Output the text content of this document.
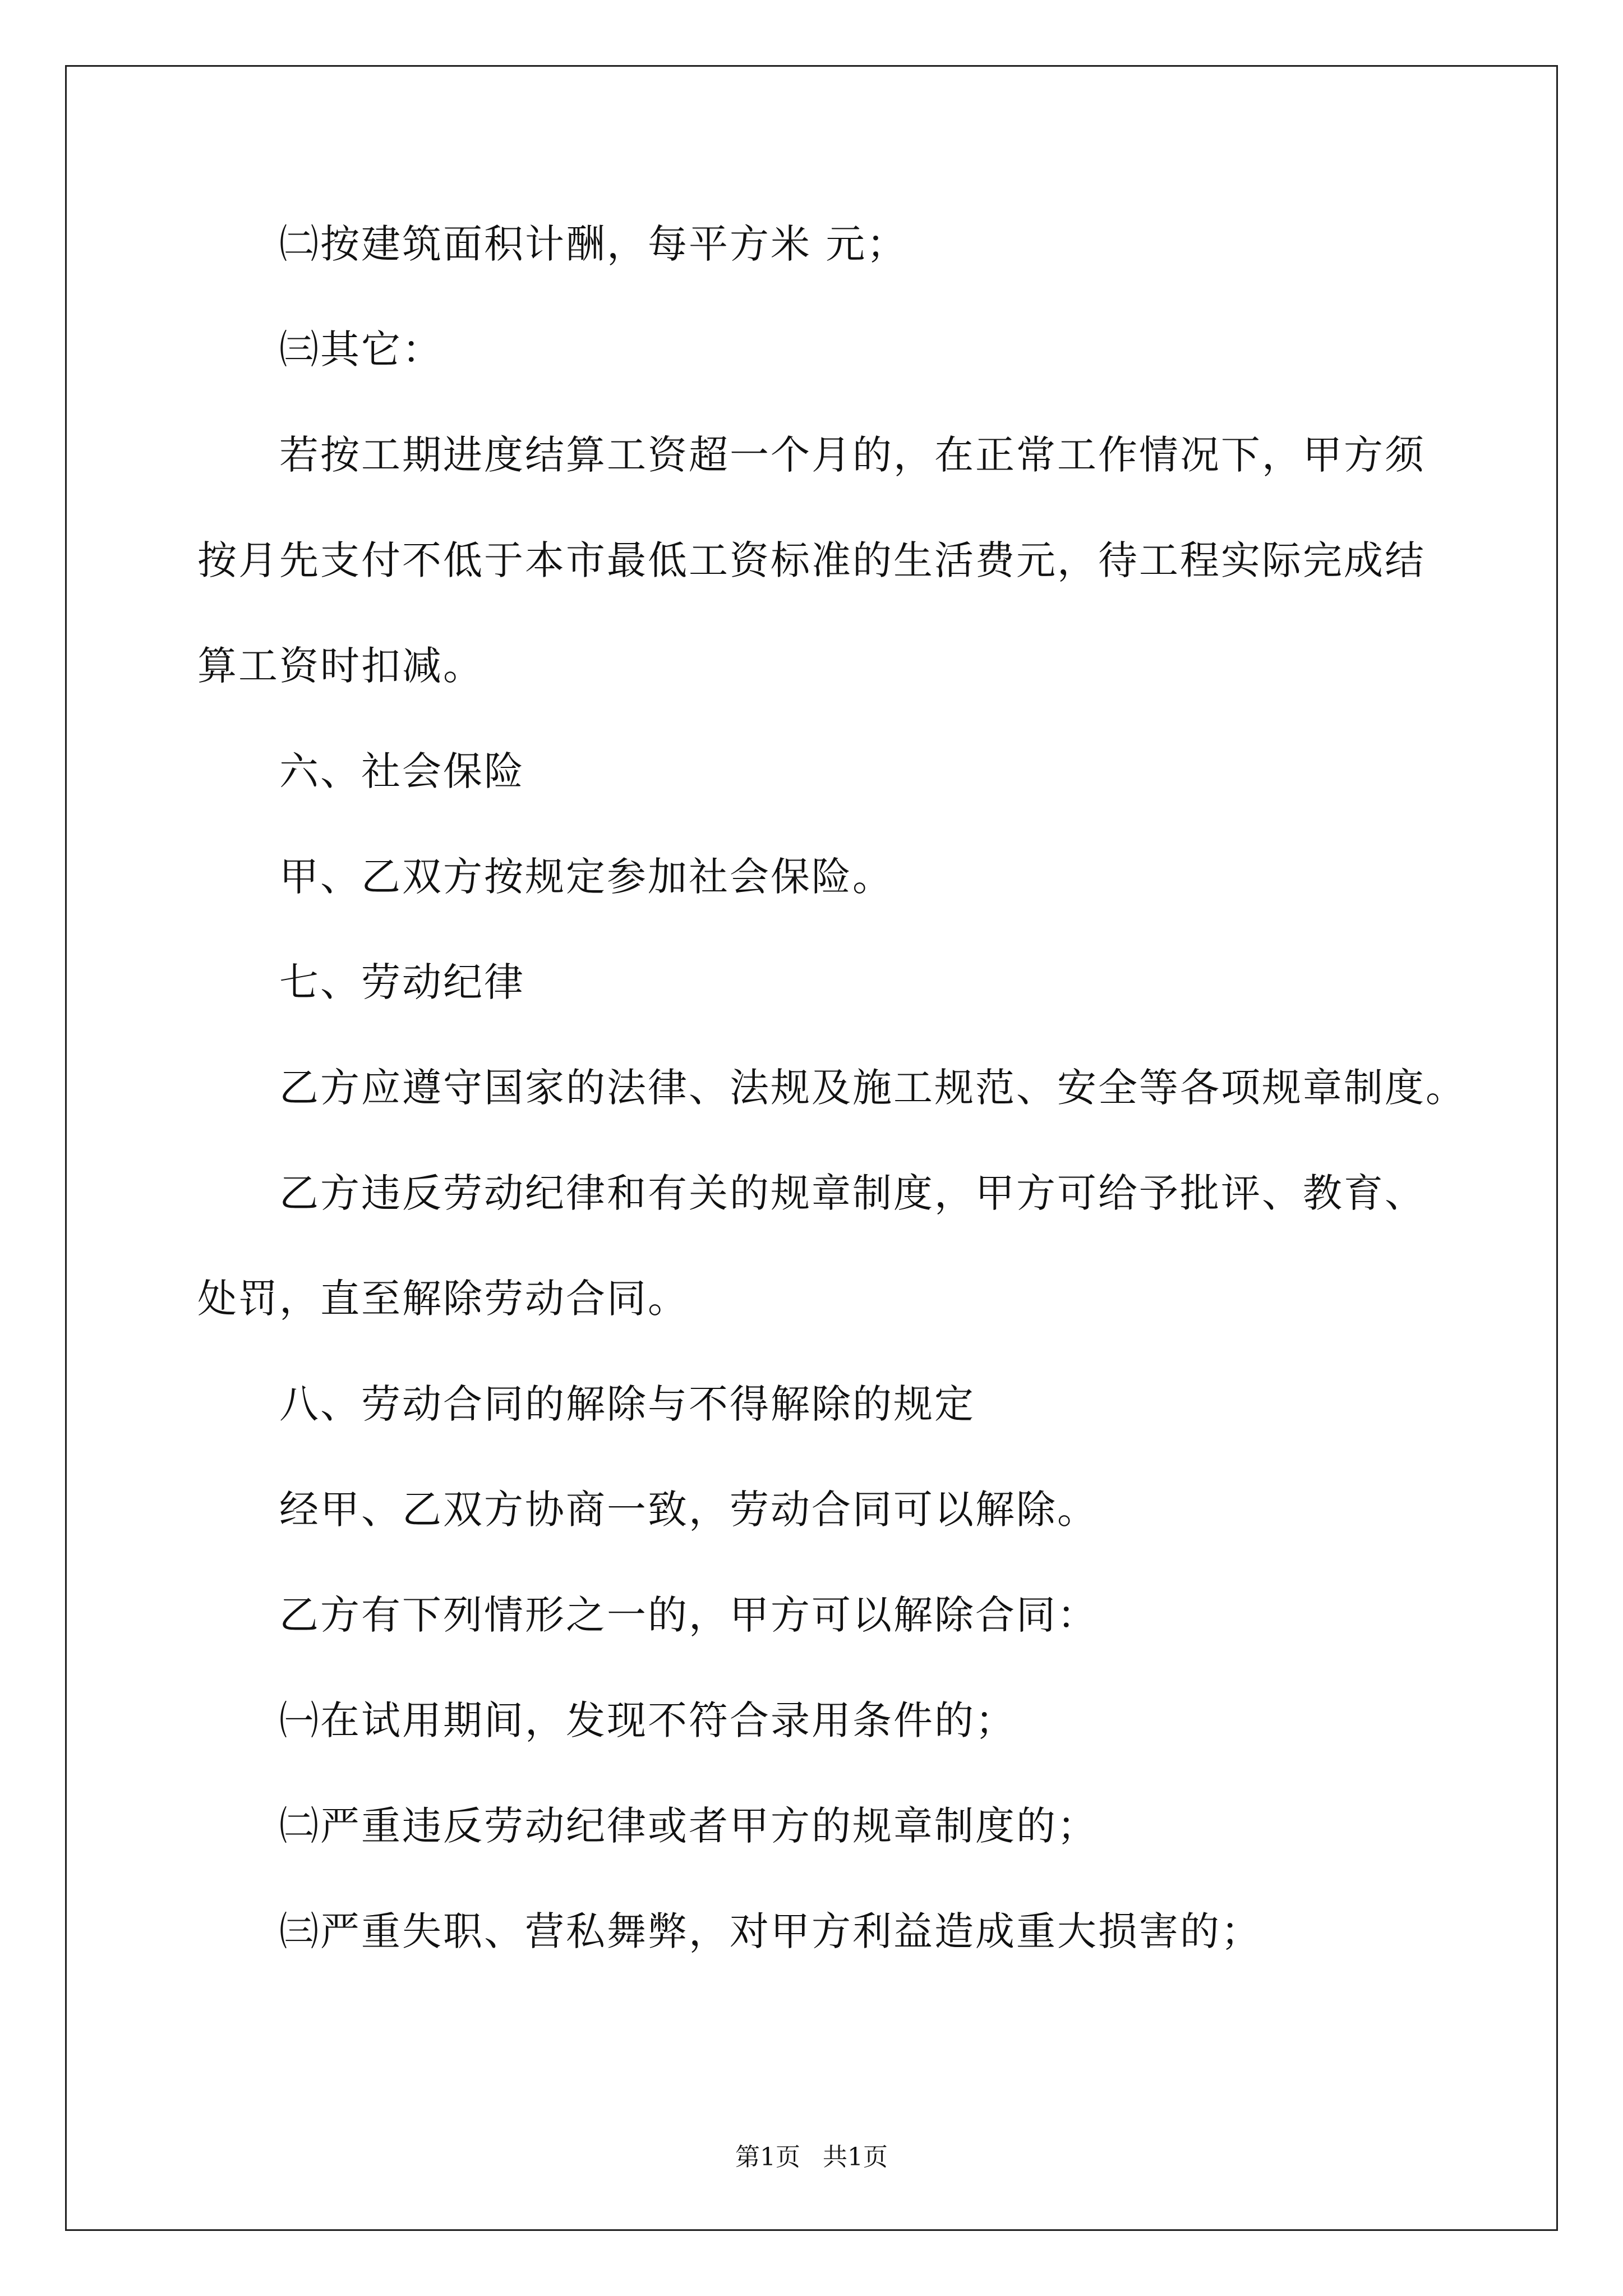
㈡按建筑面积计酬，每平方米 元；
㈢其它：
若按工期进度结算工资超一个月的，在正常工作情况下，甲方须
按月先支付不低于本市最低工资标准的生活费元，待工程实际完成结
算工资时扣减。
六、社会保险
甲、乙双方按规定参加社会保险。
七、劳动纪律
乙方应遵守国家的法律、法规及施工规范、安全等各项规章制度。
乙方违反劳动纪律和有关的规章制度，甲方可给予批评、教育、
处罚，直至解除劳动合同。
八、劳动合同的解除与不得解除的规定
经甲、乙双方协商一致，劳动合同可以解除。
乙方有下列情形之一的，甲方可以解除合同：
㈠在试用期间，发现不符合录用条件的；
㈡严重违反劳动纪律或者甲方的规章制度的；
㈢严重失职、营私舞弊，对甲方利益造成重大损害的；
第1页 共1页
